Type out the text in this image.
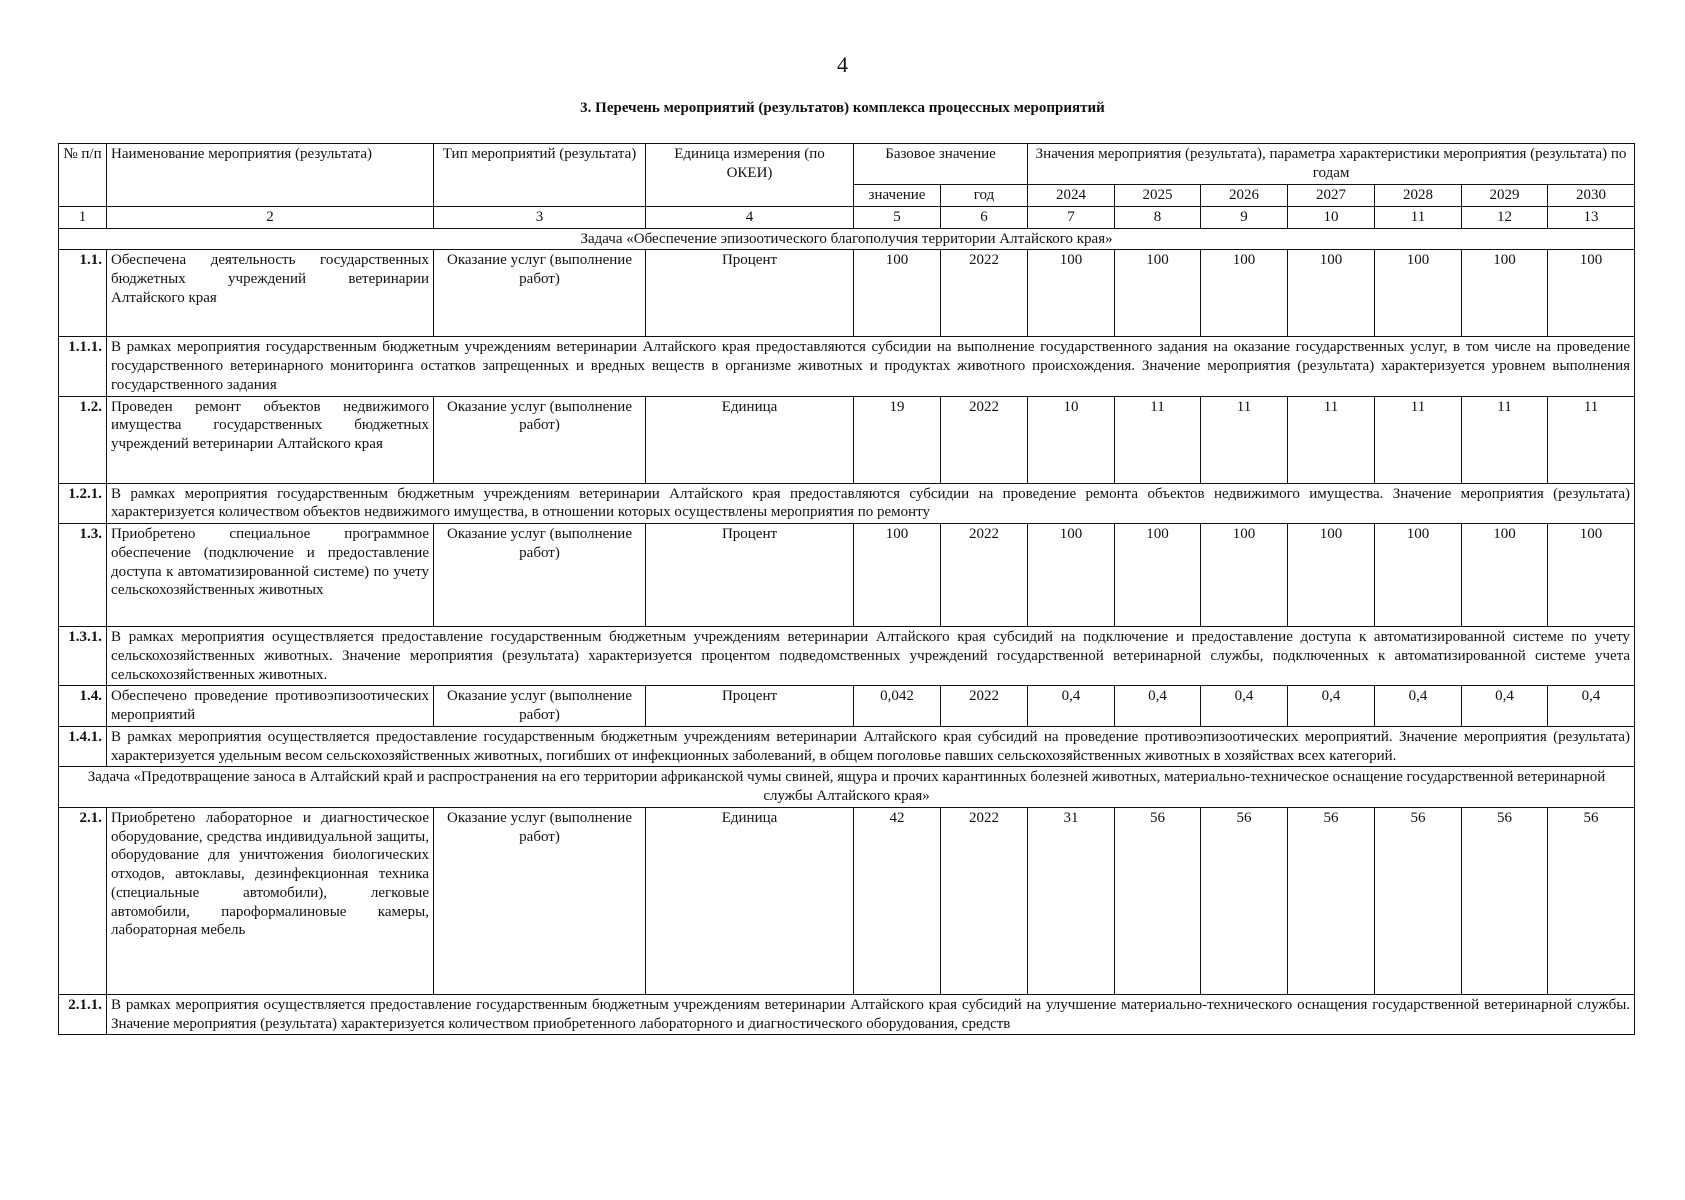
4
3. Перечень мероприятий (результатов) комплекса процессных мероприятий
№ п/п	Наименование мероприятия (результата)	Тип мероприятий (результата)	Единица измерения (по ОКЕИ)	Базовое значение		Значения мероприятия (результата), параметра характеристики мероприятия (результата) по годам						
				значение	год	2024	2025	2026	2027	2028	2029	2030
1	2	3	4	5	6	7	8	9	10	11	12	13
Задача «Обеспечение эпизоотического благополучия территории Алтайского края»												
1.1.	Обеспечена деятельность государственных бюджетных учреждений ветеринарии Алтайского края	Оказание услуг (выполнение работ)	Процент	100	2022	100	100	100	100	100	100	100
1.1.1.	В рамках мероприятия государственным бюджетным учреждениям ветеринарии Алтайского края предоставляются субсидии на выполнение государственного задания на оказание государственных услуг, в том числе на проведение государственного ветеринарного мониторинга остатков запрещенных и вредных веществ в организме животных и продуктах животного происхождения. Значение мероприятия (результата) характеризуется уровнем выполнения государственного задания											
1.2.	Проведен ремонт объектов недвижимого имущества государственных бюджетных учреждений ветеринарии Алтайского края	Оказание услуг (выполнение работ)	Единица	19	2022	10	11	11	11	11	11	11
1.2.1.	В рамках мероприятия государственным бюджетным учреждениям ветеринарии Алтайского края предоставляются субсидии на проведение ремонта объектов недвижимого имущества. Значение мероприятия (результата) характеризуется количеством объектов недвижимого имущества, в отношении которых осуществлены мероприятия по ремонту											
1.3.	Приобретено специальное программное обеспечение (подключение и предоставление доступа к автоматизированной системе) по учету сельскохозяйственных животных	Оказание услуг (выполнение работ)	Процент	100	2022	100	100	100	100	100	100	100
1.3.1.	В рамках мероприятия осуществляется предоставление государственным бюджетным учреждениям ветеринарии Алтайского края субсидий на подключение и предоставление доступа к автоматизированной системе по учету сельскохозяйственных животных. Значение мероприятия (результата) характеризуется процентом подведомственных учреждений государственной ветеринарной службы, подключенных к автоматизированной системе учета сельскохозяйственных животных.											
1.4.	Обеспечено проведение противоэпизоотических мероприятий	Оказание услуг (выполнение работ)	Процент	0,042	2022	0,4	0,4	0,4	0,4	0,4	0,4	0,4
1.4.1.	В рамках мероприятия осуществляется предоставление государственным бюджетным учреждениям ветеринарии Алтайского края субсидий на проведение противоэпизоотических мероприятий. Значение мероприятия (результата) характеризуется удельным весом сельскохозяйственных животных, погибших от инфекционных заболеваний, в общем поголовье павших сельскохозяйственных животных в хозяйствах всех категорий.											
Задача «Предотвращение заноса в Алтайский край и распространения на его территории африканской чумы свиней, ящура и прочих карантинных болезней животных, материально-техническое оснащение государственной ветеринарной службы Алтайского края»												
2.1.	Приобретено лабораторное и диагностическое оборудование, средства индивидуальной защиты, оборудование для уничтожения биологических отходов, автоклавы, дезинфекционная техника (специальные автомобили), легковые автомобили, пароформалиновые камеры, лабораторная мебель	Оказание услуг (выполнение работ)	Единица	42	2022	31	56	56	56	56	56	56
2.1.1.	В рамках мероприятия осуществляется предоставление государственным бюджетным учреждениям ветеринарии Алтайского края субсидий на улучшение материально-технического оснащения государственной ветеринарной службы. Значение мероприятия (результата) характеризуется количеством приобретенного лабораторного и диагностического оборудования, средств											
